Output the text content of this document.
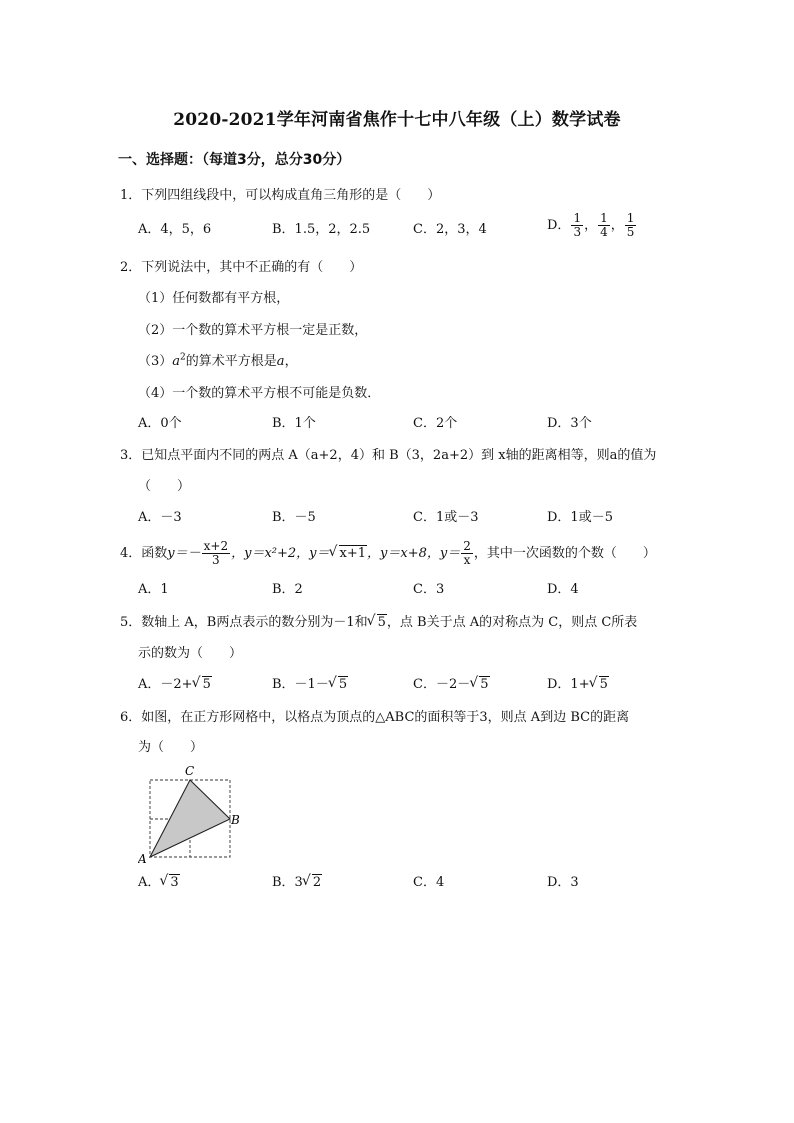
2020-2021学年河南省焦作十七中八年级（上）数学试卷
一、选择题：（每道3分，总分30分）
1．下列四组线段中，可以构成直角三角形的是（　　）
A．4，5，6	B．1.5，2，2.5	C．2，3，4	D． $\frac{1}{3}$ ， $\frac{1}{4}$ ， $\frac{1}{5}$
2．下列说法中，其中不正确的有（　　）
（1）任何数都有平方根，
（2）一个数的算术平方根一定是正数，
$(3)a^2$的算术平方根是a，
（4）一个数的算术平方根不可能是负数．
A．0个	B．1个	C．2个	D．3个
3．已知点平面内不同的两点 A（a+2，4）和 B（3，2a+2）到 x轴的距离相等，则a的值为
（　　）
A．－3	B．－5	C．1或－3	D．1或－5
4．函数$y=- \frac{x+2}{3}$ ，y＝x²+2，y＝ √ x+1，y＝x+8，$y= \frac{2}{x}$ ，其中一次函数的个数（　　）
A．1	B．2	C．3	D．4
5．数轴上 A，B两点表示的数分别为－1和 √ 5，点 B关于点 A的对称点为 C，则点 C所表
示的数为（　　）
A．－2+ √ 5	B．－1－ √ 5	C．－2－ √ 5	D．1+ √ 5
6．如图，在正方形网格中，以格点为顶点的△ABC的面积等于3，则点 A到边 BC的距离
为（　　）
C
B
A
A． √ 3	B．3 √ 2	C．4	D．3
